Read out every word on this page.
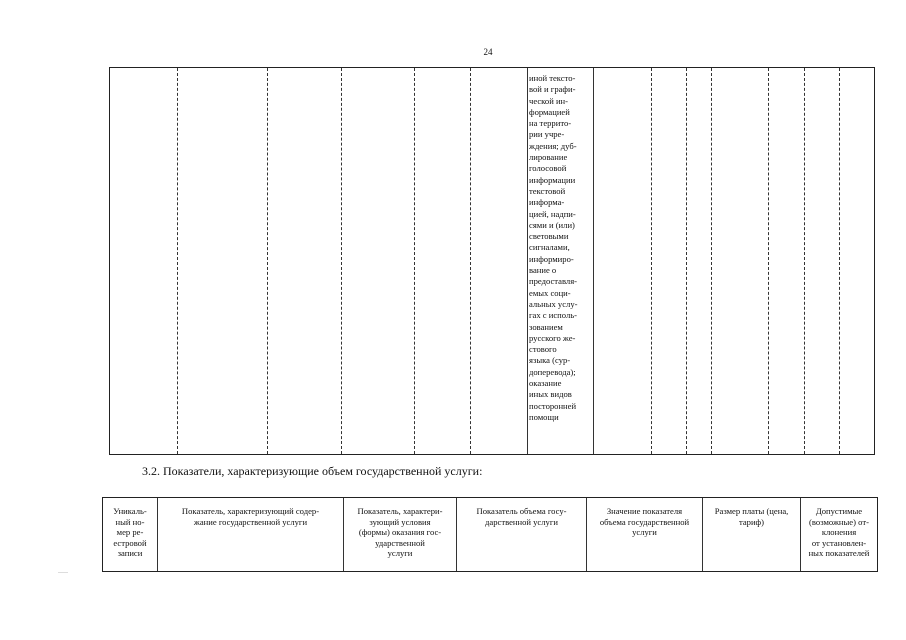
24
иной тексто-
вой и графи-
ческой ин-
формацией
на террито-
рии учре-
ждения; дуб-
лирование
голосовой
информации
текстовой
информа-
цией, надпи-
сями и (или)
световыми
сигналами,
информиро-
вание о
предоставля-
емых соци-
альных услу-
гах с исполь-
зованием
русского же-
стового
языка (сур-
доперевода);
оказание
иных видов
посторонней
помощи
3.2. Показатели, характеризующие объем государственной услуги:
Уникаль-
ный но-
мер ре-
естровой
записи
Показатель, характеризующий содер-
жание государственной услуги
Показатель, характери-
зующий условия
(формы) оказания гос-
ударственной
услуги
Показатель объема госу-
дарственной услуги
Значение показателя
объема государственной
услуги
Размер платы (цена,
тариф)
Допустимые
(возможные) от-
клонения
от установлен-
ных показателей
